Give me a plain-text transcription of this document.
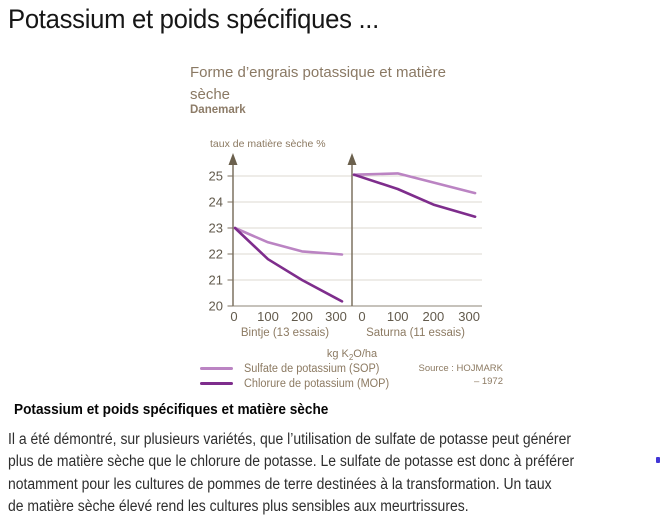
Potassium et poids spécifiques ...
Forme d’engrais potassique et matière sèche
Danemark
taux de matière sèche %
20
21
22
23
24
25
0 100 200 300
Bintje (13 essais)
0 100 200 300
Saturna (11 essais)
kg $K_2O/ha$
Sulfate de potassium (SOP)
Chlorure de potassium (MOP)
Source : HOJMARK
– 1972
Potassium et poids spécifiques et matière sèche
Il a été démontré, sur plusieurs variétés, que l’utilisation de sulfate de potasse peut générer
plus de matière sèche que le chlorure de potasse. Le sulfate de potasse est donc à préférer
notamment pour les cultures de pommes de terre destinées à la transformation. Un taux
de matière sèche élevé rend les cultures plus sensibles aux meurtrissures.
